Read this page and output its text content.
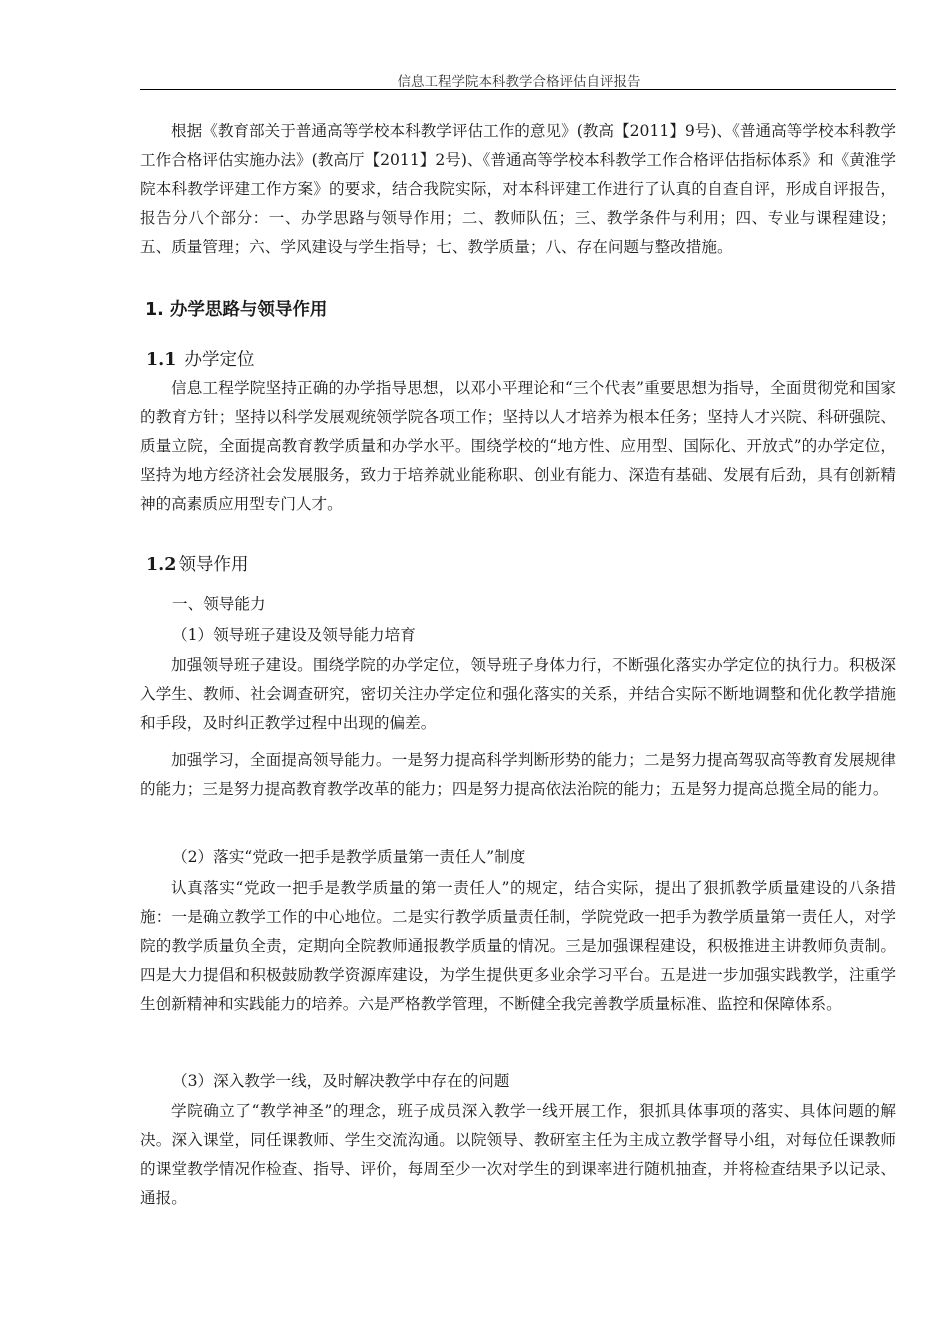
信息工程学院本科教学合格评估自评报告

根据《教育部关于普通高等学校本科教学评估工作的意见》(教高【2011】9号)、《普通高等学校本科教学工作合格评估实施办法》(教高厅【2011】2号)、《普通高等学校本科教学工作合格评估指标体系》和《黄淮学院本科教学评建工作方案》的要求，结合我院实际，对本科评建工作进行了认真的自查自评，形成自评报告，报告分八个部分：一、办学思路与领导作用；二、教师队伍；三、教学条件与利用；四、专业与课程建设；五、质量管理；六、学风建设与学生指导；七、教学质量；八、存在问题与整改措施。

1. 办学思路与领导作用
1.1 办学定位

信息工程学院坚持正确的办学指导思想，以邓小平理论和“三个代表”重要思想为指导，全面贯彻党和国家的教育方针；坚持以科学发展观统领学院各项工作；坚持以人才培养为根本任务；坚持人才兴院、科研强院、质量立院，全面提高教育教学质量和办学水平。围绕学校的“地方性、应用型、国际化、开放式”的办学定位，坚持为地方经济社会发展服务，致力于培养就业能称职、创业有能力、深造有基础、发展有后劲，具有创新精神的高素质应用型专门人才。

1.2 领导作用
一、领导能力
（1）领导班子建设及领导能力培育

加强领导班子建设。围绕学院的办学定位，领导班子身体力行，不断强化落实办学定位的执行力。积极深入学生、教师、社会调查研究，密切关注办学定位和强化落实的关系，并结合实际不断地调整和优化教学措施和手段，及时纠正教学过程中出现的偏差。

加强学习，全面提高领导能力。一是努力提高科学判断形势的能力；二是努力提高驾驭高等教育发展规律的能力；三是努力提高教育教学改革的能力；四是努力提高依法治院的能力；五是努力提高总揽全局的能力。

（2）落实“党政一把手是教学质量第一责任人”制度

认真落实“党政一把手是教学质量的第一责任人”的规定，结合实际，提出了狠抓教学质量建设的八条措施：一是确立教学工作的中心地位。二是实行教学质量责任制，学院党政一把手为教学质量第一责任人，对学院的教学质量负全责，定期向全院教师通报教学质量的情况。三是加强课程建设，积极推进主讲教师负责制。四是大力提倡和积极鼓励教学资源库建设，为学生提供更多业余学习平台。五是进一步加强实践教学，注重学生创新精神和实践能力的培养。六是严格教学管理，不断健全我完善教学质量标准、监控和保障体系。

（3）深入教学一线，及时解决教学中存在的问题

学院确立了“教学神圣”的理念，班子成员深入教学一线开展工作，狠抓具体事项的落实、具体问题的解决。深入课堂，同任课教师、学生交流沟通。以院领导、教研室主任为主成立教学督导小组，对每位任课教师的课堂教学情况作检查、指导、评价，每周至少一次对学生的到课率进行随机抽查，并将检查结果予以记录、通报。
